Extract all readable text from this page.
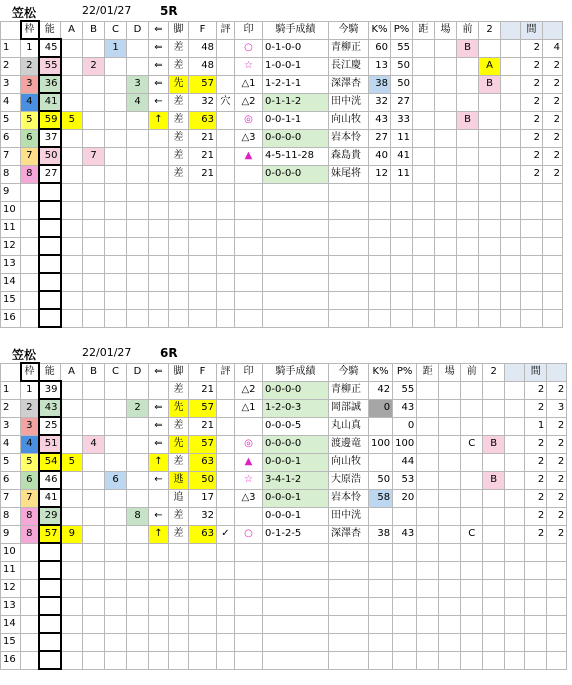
笠松	22/01/27 5R
	枠	能	A	B	C	D	⇐	脚	F	評	印	騎手成績	今騎	K%	P%	距	場	前	2		間	
1	1	45			1		⇐	差	48		○	0-1-0-0	青柳正	60	55			B			2	4
2	2	55		2			⇐	差	48		☆	1-0-0-1	長江慶	13	50				A		2	2
3	3	36				3	⇐	先	57		△1	1-2-1-1	深澤杏	38	50				B		2	2
4	4	41				4	←	差	32	穴	△2	0-1-1-2	田中洸	32	27						2	2
5	5	59	5				↑	差	63		◎	0-0-1-1	向山牧	43	33			B			2	2
6	6	37						差	21		△3	0-0-0-0	岩本怜	27	11						2	2
7	7	50		7				差	21		▲	4-5-11-28	森島貴	40	41						2	2
8	8	27						差	21			0-0-0-0	妹尾将	12	11						2	2
9																						
10																						
11																						
12																						
13																						
14																						
15																						
16																						
笠松	22/01/27 6R
	枠	能	A	B	C	D	⇐	脚	F	評	印	騎手成績	今騎	K%	P%	距	場	前	2		間	
1	1	39						差	21		△2	0-0-0-0	青柳正	42	55						2	2
2	2	43				2	⇐	先	57		△1	1-2-0-3	岡部誠	0	43						2	3
3	3	25					⇐	差	21			0-0-0-5	丸山真		0						1	2
4	4	51		4			⇐	先	57		◎	0-0-0-0	渡邊竜	100	100			C	B		2	2
5	5	54	5				↑	差	63		▲	0-0-0-1	向山牧		44						2	2
6	6	46			6		←	逃	50		☆	3-4-1-2	大原浩	50	53				B		2	2
7	7	41						追	17		△3	0-0-0-1	岩本怜	58	20						2	2
8	8	29				8	←	差	32			0-0-0-1	田中洸								2	2
9	8	57	9				↑	差	63	✓	○	0-1-2-5	深澤杏	38	43			C			2	2
10																						
11																						
12																						
13																						
14																						
15																						
16																						
